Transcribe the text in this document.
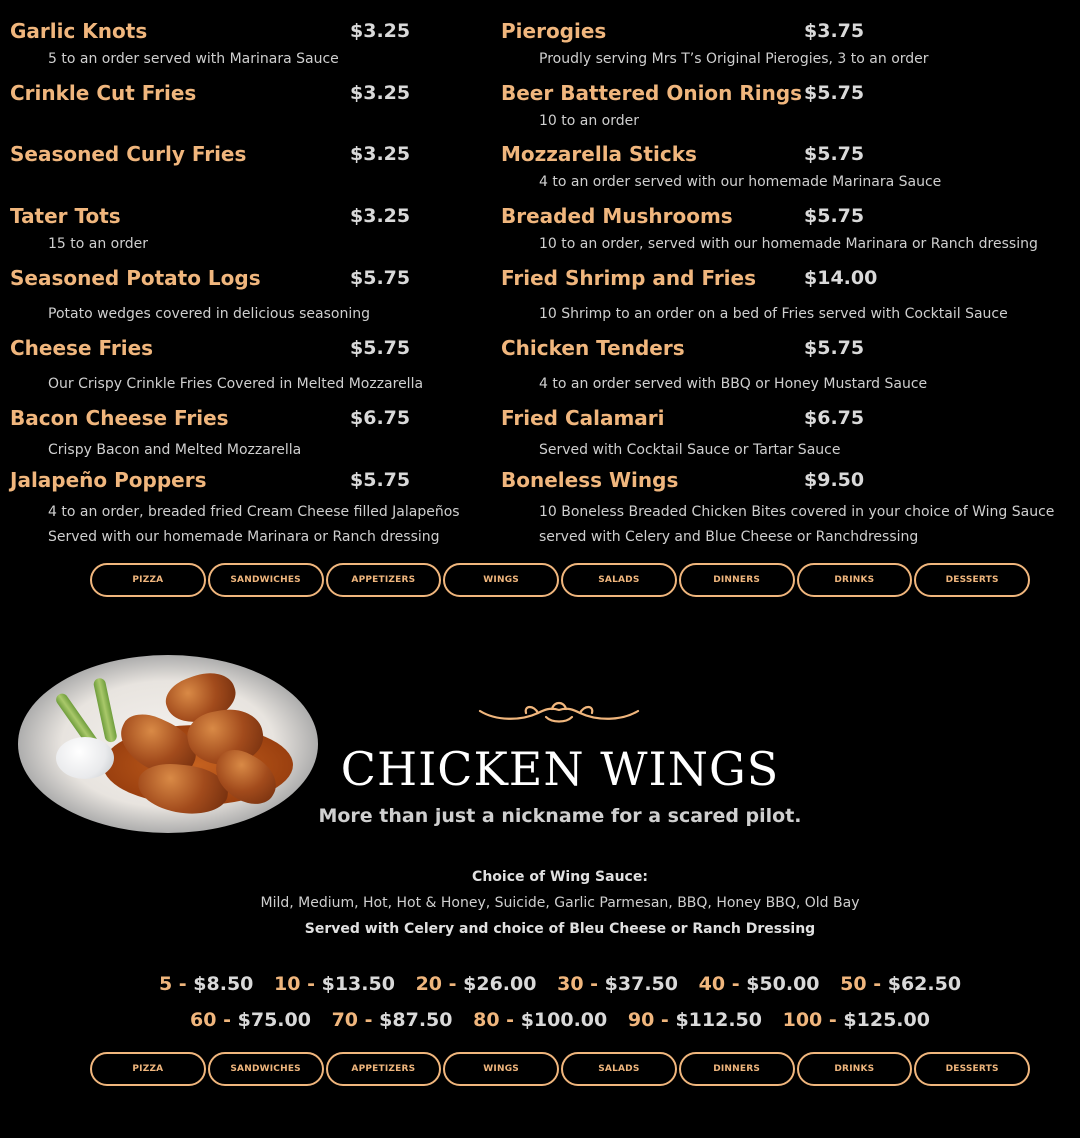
Garlic Knots	$3.25
5 to an order served with Marinara Sauce
Crinkle Cut Fries	$3.25
Seasoned Curly Fries	$3.25
Tater Tots	$3.25
15 to an order
Seasoned Potato Logs	$5.75
Potato wedges covered in delicious seasoning
Cheese Fries	$5.75
Our Crispy Crinkle Fries Covered in Melted Mozzarella
Bacon Cheese Fries	$6.75
Crispy Bacon and Melted Mozzarella
Jalapeño Poppers	$5.75
4 to an order, breaded fried Cream Cheese filled Jalapeños
Served with our homemade Marinara or Ranch dressing
Pierogies	$3.75
Proudly serving Mrs T’s Original Pierogies, 3 to an order
Beer Battered Onion Rings $5.75
10 to an order
Mozzarella Sticks	$5.75
4 to an order served with our homemade Marinara Sauce
Breaded Mushrooms	$5.75
10 to an order, served with our homemade Marinara or Ranch dressing
Fried Shrimp and Fries	$14.00
10 Shrimp to an order on a bed of Fries served with Cocktail Sauce
Chicken Tenders	$5.75
4 to an order served with BBQ or Honey Mustard Sauce
Fried Calamari	$6.75
Served with Cocktail Sauce or Tartar Sauce
Boneless Wings	$9.50
10 Boneless Breaded Chicken Bites covered in your choice of Wing Sauce
served with Celery and Blue Cheese or Ranchdressing
PIZZA	SANDWICHES	APPETIZERS	WINGS	SALADS	DINNERS	DRINKS	DESSERTS
CHICKEN WINGS
More than just a nickname for a scared pilot.
Choice of Wing Sauce:
Mild, Medium, Hot, Hot & Honey, Suicide, Garlic Parmesan, BBQ, Honey BBQ, Old Bay
Served with Celery and choice of Bleu Cheese or Ranch Dressing
5 - $8.50 10 - $13.50 20 - $26.00 30 - $37.50 40 - $50.00 50 - $62.50
60 - $75.00 70 - $87.50 80 - $100.00 90 - $112.50 100 - $125.00
PIZZA	SANDWICHES	APPETIZERS	WINGS	SALADS	DINNERS	DRINKS	DESSERTS
